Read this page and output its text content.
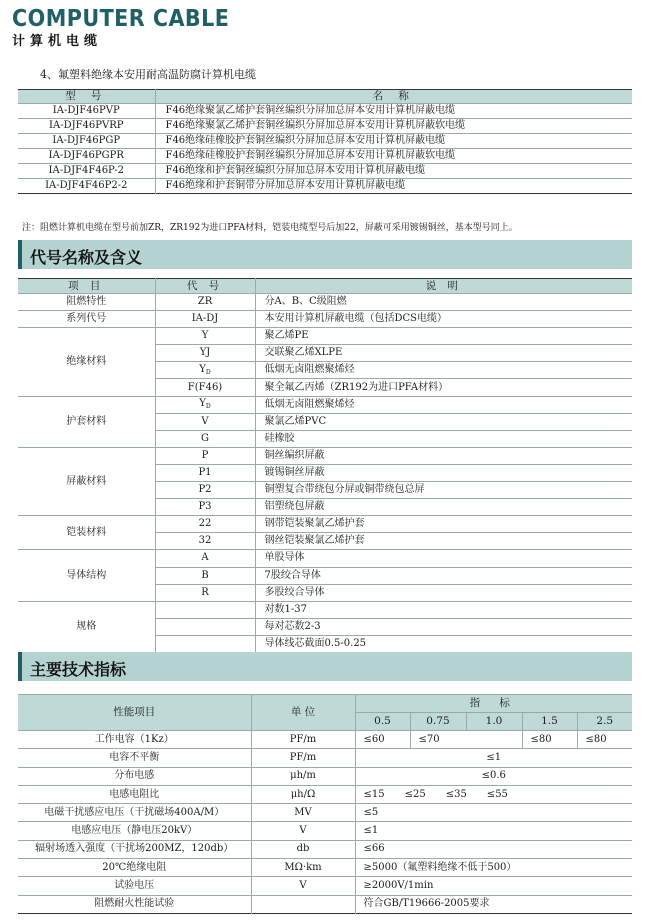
COMPUTER CABLE
计算机电缆
4、氟塑料绝缘本安用耐高温防腐计算机电缆
型 号	名 称
IA-DJF46PVP	F46绝缘聚氯乙烯护套铜丝编织分屏加总屏本安用计算机屏蔽电缆
IA-DJF46PVRP	F46绝缘聚氯乙烯护套铜丝编织分屏加总屏本安用计算机屏蔽软电缆
IA-DJF46PGP	F46绝缘硅橡胶护套铜丝编织分屏加总屏本安用计算机屏蔽电缆
IA-DJF46PGPR	F46绝缘硅橡胶护套铜丝编织分屏加总屏本安用计算机屏蔽软电缆
IA-DJF4F46P-2	F46绝缘和护套铜丝编织分屏加总屏本安用计算机屏蔽电缆
IA-DJF4F46P2-2	F46绝缘和护套铜带分屏加总屏本安用计算机屏蔽电缆
注：阻燃计算机电缆在型号前加ZR，ZR192为进口PFA材料，铠装电缆型号后加22，屏蔽可采用镀锡铜丝，基本型号同上。
代号名称及含义
项 目	代 号	说 明
阻燃特性	ZR	分A、B、C级阻燃
系列代号	IA-DJ	本安用计算机屏蔽电缆（包括DCS电缆）
绝缘材料	Y	聚乙烯PE
	YJ	交联聚乙烯XLPE
	$Y_D$	低烟无卤阻燃聚烯烃
	F(F46)	聚全氟乙丙烯（ZR192为进口PFA材料）
护套材料	$Y_D$	低烟无卤阻燃聚烯烃
	V	聚氯乙烯PVC
	G	硅橡胶
屏蔽材料	P	铜丝编织屏蔽
	P1	镀锡铜丝屏蔽
	P2	铜塑复合带绕包分屏或铜带绕包总屏
	P3	铝塑绕包屏蔽
铠装材料	22	钢带铠装聚氯乙烯护套
	32	钢丝铠装聚氯乙烯护套
导体结构	A	单股导体
	B	7股绞合导体
	R	多股绞合导体
规格		对数1-37
		每对芯数2-3
		导体线芯截面0.5-0.25
主要技术指标
性能项目	单 位	指 标				
		0.5	0.75	1.0	1.5	2.5
工作电容（1Kz）	PF/m	≤60	≤70		≤80	≤80
电容不平衡	PF/m	≤1				
分布电感	μh/m	≤0.6				
电感电阻比	μh/Ω	≤15　　≤25　　≤35　　≤55				
电磁干扰感应电压（干扰磁场400A/M）	MV	≤5				
电感应电压（静电压20kV）	V	≤1				
辐射场透入强度（干扰场200MZ，120db）	db	≤66				
20℃绝缘电阻	MΩ·km	≥5000（氟塑料绝缘不低于500）				
试验电压	V	≥2000V/1min				
阻燃耐火性能试验		符合GB/T19666-2005要求				
